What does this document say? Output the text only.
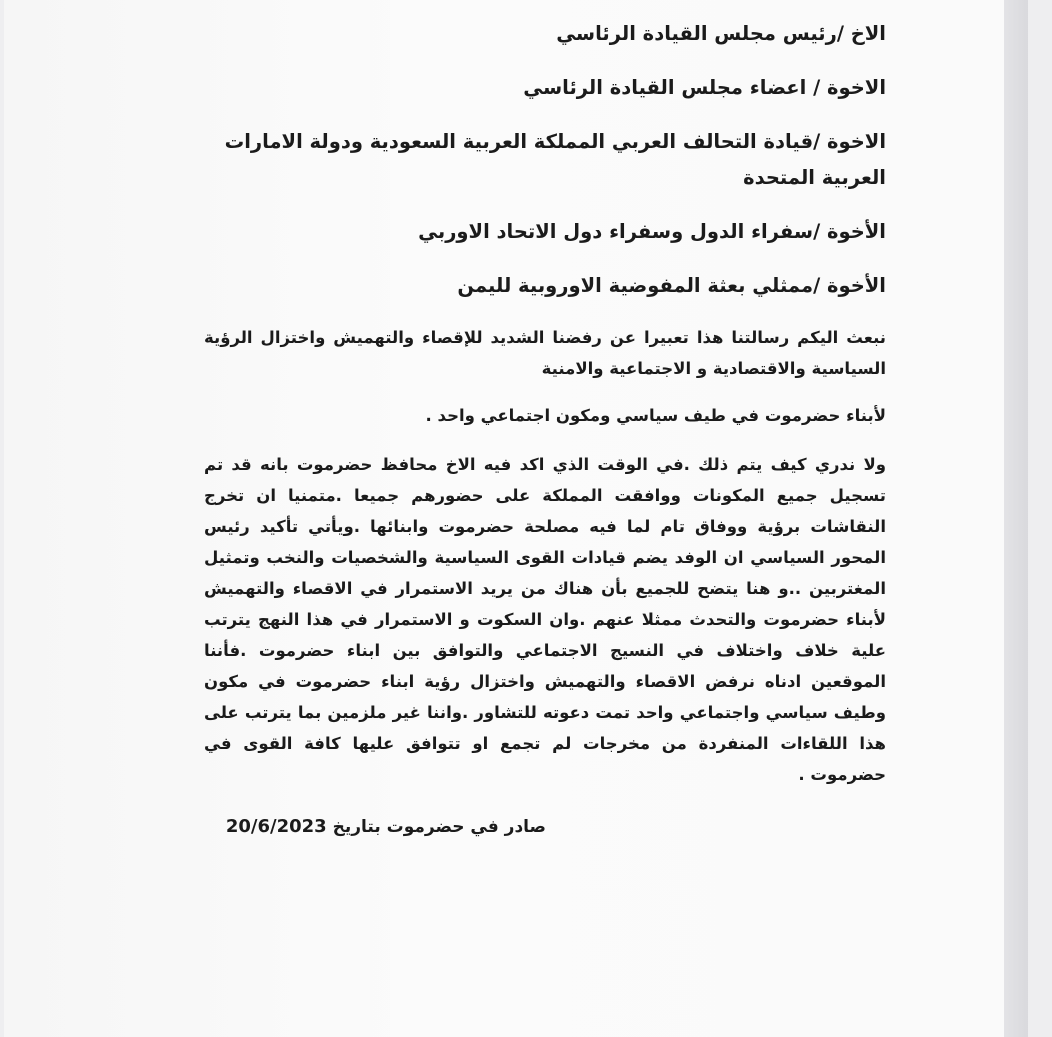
الاخ /رئيس مجلس القيادة الرئاسي

الاخوة / اعضاء مجلس القيادة الرئاسي

الاخوة /قيادة التحالف العربي المملكة العربية السعودية ودولة الامارات العربية المتحدة

الأخوة /سفراء الدول وسفراء دول الاتحاد الاوربي

الأخوة /ممثلي بعثة المفوضية الاوروبية لليمن

نبعث اليكم رسالتنا هذا تعبيرا عن رفضنا الشديد للإقصاء والتهميش واختزال الرؤية السياسية والاقتصادية و الاجتماعية والامنية

لأبناء حضرموت في طيف سياسي ومكون اجتماعي واحد .

ولا ندري كيف يتم ذلك .في الوقت الذي اكد فيه الاخ محافظ حضرموت بانه قد تم تسجيل جميع المكونات ووافقت المملكة على حضورهم جميعا .متمنيا ان تخرج النقاشات برؤية ووفاق تام لما فيه مصلحة حضرموت وابنائها .ويأتي تأكيد رئيس المحور السياسي ان الوفد يضم قيادات القوى السياسية والشخصيات والنخب وتمثيل المغتربين ..و هنا يتضح للجميع بأن هناك من يريد الاستمرار في الاقصاء والتهميش لأبناء حضرموت والتحدث ممثلا عنهم .وان السكوت و الاستمرار في هذا النهج يترتب علية خلاف واختلاف في النسيج الاجتماعي والتوافق بين ابناء حضرموت .فأننا الموقعين ادناه نرفض الاقصاء والتهميش واختزال رؤية ابناء حضرموت في مكون وطيف سياسي واجتماعي واحد تمت دعوته للتشاور .واننا غير ملزمين بما يترتب على هذا اللقاءات المنفردة من مخرجات لم تجمع او تتوافق عليها كافة القوى في حضرموت .

صادر في حضرموت بتاريخ 20/6/2023
